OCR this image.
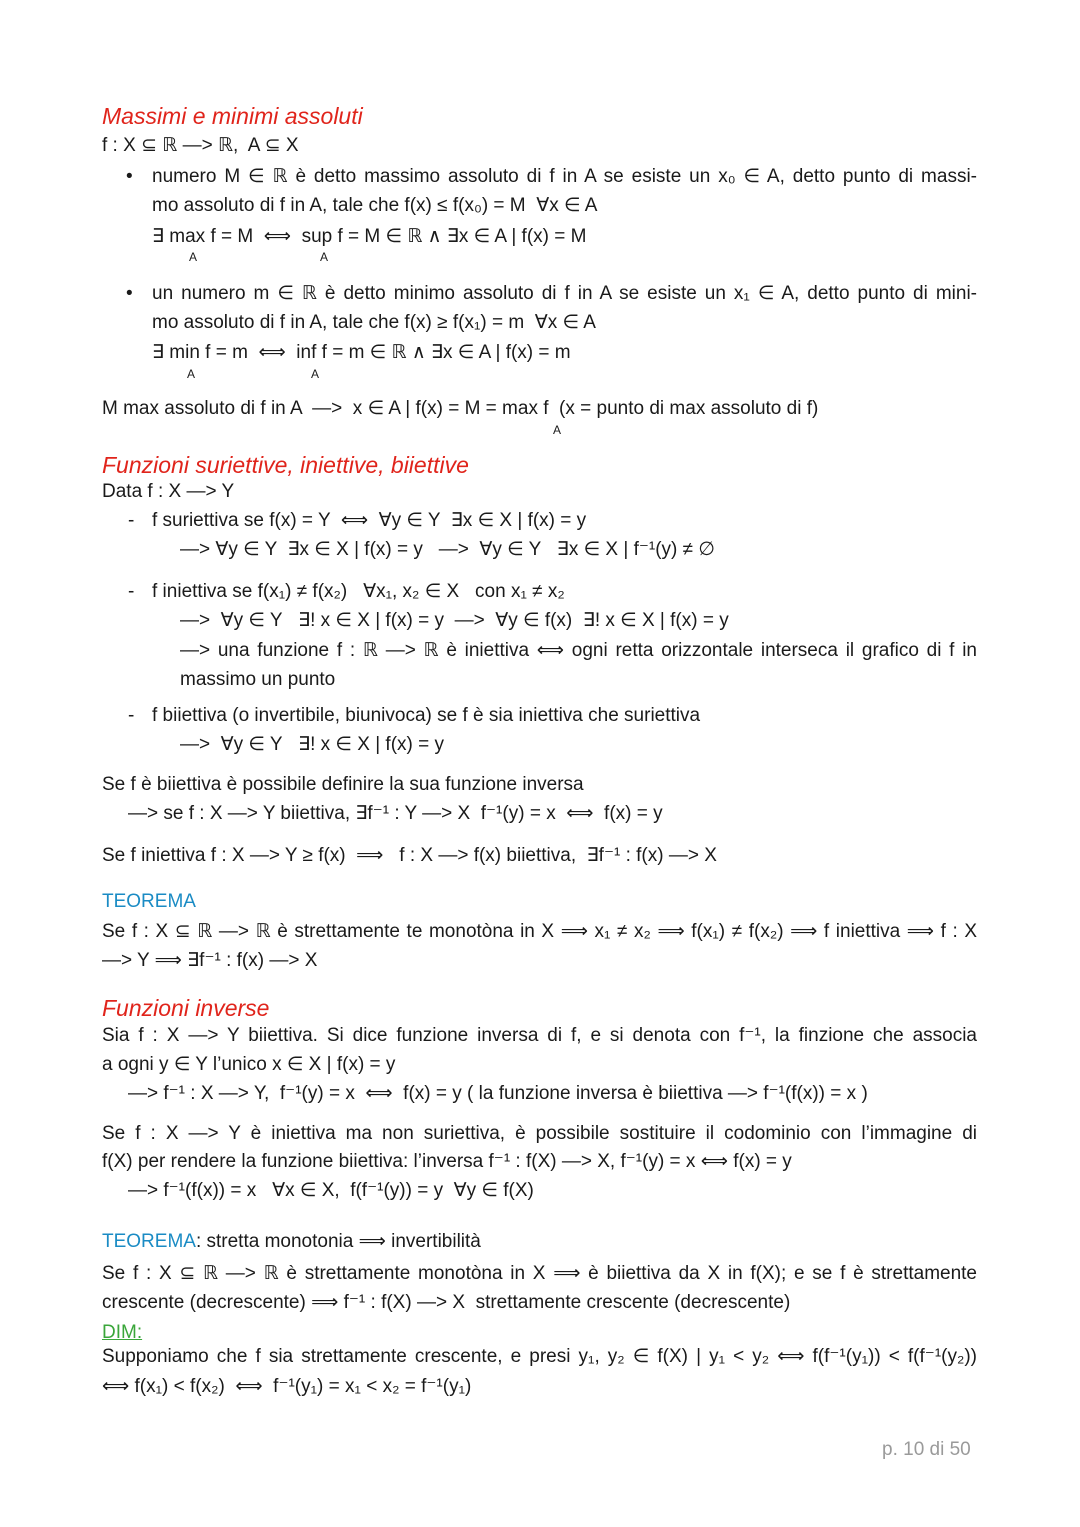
Massimi e minimi assoluti
f : X ⊆ ℝ —> ℝ,  A ⊆ X
• numero M ∈ ℝ è detto massimo assoluto di f in A se esiste un x₀ ∈ A, detto punto di massi-
mo assoluto di f in A, tale che f(x) ≤ f(x₀) = M  ∀x ∈ A
∃ max f = M  ⟺  sup f = M ∈ ℝ ∧ ∃x ∈ A | f(x) = M
A	A
• un numero m ∈ ℝ è detto minimo assoluto di f in A se esiste un x₁ ∈ A, detto punto di mini-
mo assoluto di f in A, tale che f(x) ≥ f(x₁) = m  ∀x ∈ A
∃ min f = m  ⟺  inf f = m ∈ ℝ ∧ ∃x ∈ A | f(x) = m
A	A
M max assoluto di f in A  —>  x ∈ A | f(x) = M = max f  (x = punto di max assoluto di f)
A
Funzioni suriettive, iniettive, biiettive
Data f : X —> Y
- f suriettiva se f(x) = Y  ⟺  ∀y ∈ Y  ∃x ∈ X | f(x) = y
—> ∀y ∈ Y  ∃x ∈ X | f(x) = y   —>  ∀y ∈ Y   ∃x ∈ X | f⁻¹(y) ≠ ∅
- f iniettiva se f(x₁) ≠ f(x₂)   ∀x₁, x₂ ∈ X   con x₁ ≠ x₂
—>  ∀y ∈ Y   ∃! x ∈ X | f(x) = y  —>  ∀y ∈ f(x)  ∃! x ∈ X | f(x) = y
—> una funzione f : ℝ —> ℝ è iniettiva ⟺ ogni retta orizzontale interseca il grafico di f in
massimo un punto
- f biiettiva (o invertibile, biunivoca) se f è sia iniettiva che suriettiva
—>  ∀y ∈ Y   ∃! x ∈ X | f(x) = y
Se f è biiettiva è possibile definire la sua funzione inversa
—> se f : X —> Y biiettiva, ∃f⁻¹ : Y —> X  f⁻¹(y) = x  ⟺  f(x) = y
Se f iniettiva f : X —> Y ≥ f(x)  ⟹   f : X —> f(x) biiettiva,  ∃f⁻¹ : f(x) —> X
TEOREMA
Se f : X ⊆ ℝ —> ℝ è strettamente te monotòna in X ⟹ x₁ ≠ x₂ ⟹ f(x₁) ≠ f(x₂) ⟹ f iniettiva ⟹ f : X
—> Y ⟹ ∃f⁻¹ : f(x) —> X
Funzioni inverse
Sia f : X —> Y biiettiva. Si dice funzione inversa di f, e si denota con f⁻¹, la finzione che associa
a ogni y ∈ Y l’unico x ∈ X | f(x) = y
—> f⁻¹ : X —> Y,  f⁻¹(y) = x  ⟺  f(x) = y ( la funzione inversa è biiettiva —> f⁻¹(f(x)) = x )
Se f : X —> Y è iniettiva ma non suriettiva, è possibile sostituire il codominio con l’immagine di
f(X) per rendere la funzione biiettiva: l’inversa f⁻¹ : f(X) —> X, f⁻¹(y) = x ⟺ f(x) = y
—> f⁻¹(f(x)) = x   ∀x ∈ X,  f(f⁻¹(y)) = y  ∀y ∈ f(X)
Se f : X ⊆ ℝ —> ℝ è strettamente monotòna in X ⟹ è biiettiva da X in f(X); e se f è strettamente
crescente (decrescente) ⟹ f⁻¹ : f(X) —> X  strettamente crescente (decrescente)
DIM:
Supponiamo che f sia strettamente crescente, e presi y₁, y₂ ∈ f(X) | y₁ < y₂ ⟺ f(f⁻¹(y₁)) < f(f⁻¹(y₂))
⟺ f(x₁) < f(x₂)  ⟺  f⁻¹(y₁) = x₁ < x₂ = f⁻¹(y₁)
p. 10 di 50
TEOREMA: stretta monotonia ⟹ invertibilità
